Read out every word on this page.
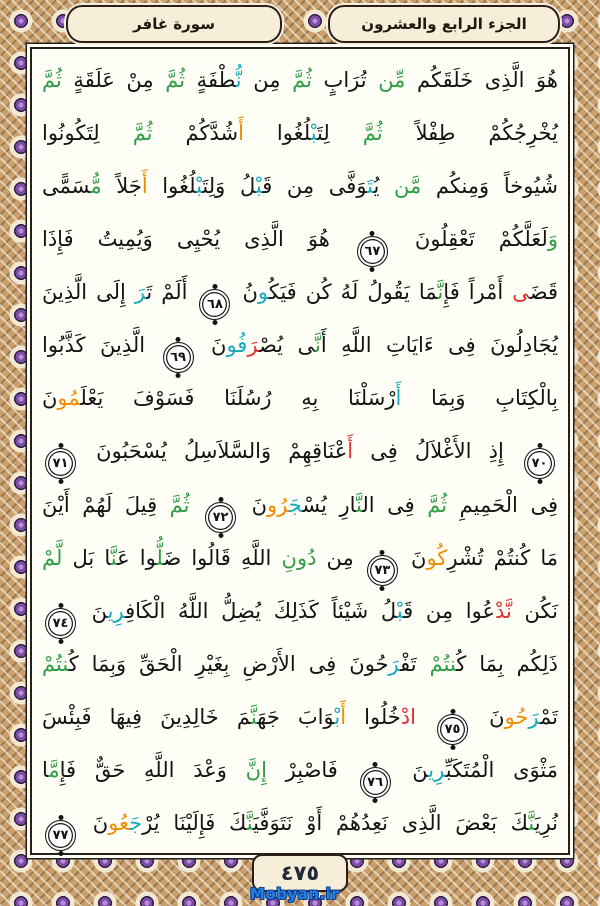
الجزء الرابع والعشرون
سورة غافر
هُوَ الَّذِى خَلَقَكُم مِّن تُرَابٍ ثُمَّ مِن نُّطْفَةٍ ثُمَّ مِنْ عَلَقَةٍ ثُمَّ
يُخْرِجُكُمْ طِفْلاً ثُمَّ لِتَبْلُغُوا أَشُدَّكُمْ ثُمَّ لِتَكُونُوا
شُيُوخاً وَمِنكُم مَّن يُتَوَفَّى مِن قَبْلُ وَلِتَبْلُغُوا أَجَلاً مُّسَمًّى
وَلَعَلَّكُمْ تَعْقِلُونَ ٦٧ هُوَ الَّذِى يُحْيِى وَيُمِيتُ فَإِذَا
قَضَى أَمْراً فَإِنَّمَا يَقُولُ لَهُ كُن فَيَكُونُ ٦٨ أَلَمْ تَرَ إِلَى الَّذِينَ
يُجَادِلُونَ فِى ءَايَاتِ اللَّهِ أَنَّى يُصْرَفُونَ ٦٩ الَّذِينَ كَذَّبُوا
بِالْكِتَابِ وَبِمَا أَرْسَلْنَا بِهِ رُسُلَنَا فَسَوْفَ يَعْلَمُونَ
٧٠ إِذِ الأَغْلاَلُ فِى أَعْنَاقِهِمْ وَالسَّلاَسِلُ يُسْحَبُونَ ٧١
فِى الْحَمِيمِ ثُمَّ فِى النَّارِ يُسْجَرُونَ ٧٢ ثُمَّ قِيلَ لَهُمْ أَيْنَ
مَا كُنتُمْ تُشْرِكُونَ ٧٣ مِن دُونِ اللَّهِ قَالُوا ضَلُّوا عَنَّا بَل لَّمْ
نَكُن نَّدْعُوا مِن قَبْلُ شَيْئاً كَذَلِكَ يُضِلُّ اللَّهُ الْكَافِرِينَ ٧٤
ذَلِكُم بِمَا كُنتُمْ تَفْرَحُونَ فِى الأَرْضِ بِغَيْرِ الْحَقِّ وَبِمَا كُنتُمْ
تَمْرَحُونَ ٧٥ ادْخُلُوا أَبْوَابَ جَهَنَّمَ خَالِدِينَ فِيهَا فَبِئْسَ
مَثْوَى الْمُتَكَبِّرِينَ ٧٦ فَاصْبِرْ إِنَّ وَعْدَ اللَّهِ حَقٌّ فَإِمَّا
نُرِيَنَّكَ بَعْضَ الَّذِى نَعِدُهُمْ أَوْ نَتَوَفَّيَنَّكَ فَإِلَيْنَا يُرْجَعُونَ ٧٧
٤٧٥
Mobyan.ir
